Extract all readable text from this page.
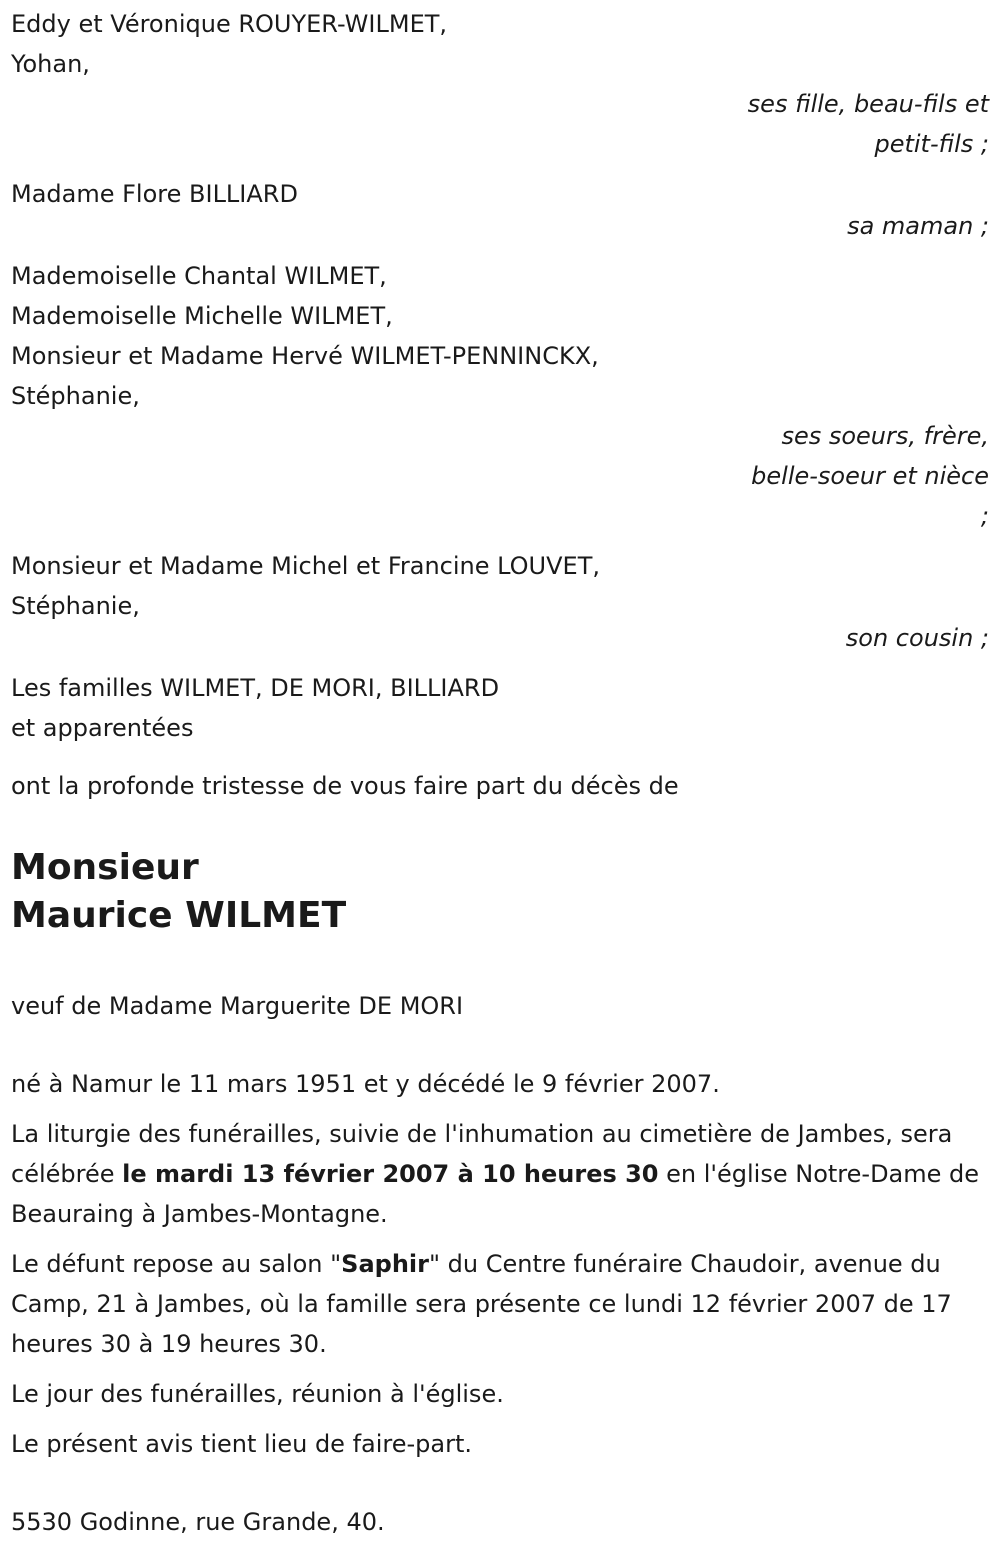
Eddy et Véronique ROUYER-WILMET,
Yohan,
ses fille, beau-fils et
petit-fils ;
Madame Flore BILLIARD
sa maman ;
Mademoiselle Chantal WILMET,
Mademoiselle Michelle WILMET,
Monsieur et Madame Hervé WILMET-PENNINCKX,
Stéphanie,
ses soeurs, frère,
belle-soeur et nièce
;
Monsieur et Madame Michel et Francine LOUVET,
Stéphanie,
son cousin ;
Les familles WILMET, DE MORI, BILLIARD
et apparentées
ont la profonde tristesse de vous faire part du décès de
Monsieur
Maurice WILMET
veuf de Madame Marguerite DE MORI
né à Namur le 11 mars 1951 et y décédé le 9 février 2007.
La liturgie des funérailles, suivie de l'inhumation au cimetière de Jambes, sera célébrée le mardi 13 février 2007 à 10 heures 30 en l'église Notre-Dame de Beauraing à Jambes-Montagne.
Le défunt repose au salon "Saphir" du Centre funéraire Chaudoir, avenue du Camp, 21 à Jambes, où la famille sera présente ce lundi 12 février 2007 de 17 heures 30 à 19 heures 30.
Le jour des funérailles, réunion à l'église.
Le présent avis tient lieu de faire-part.
5530 Godinne, rue Grande, 40.
